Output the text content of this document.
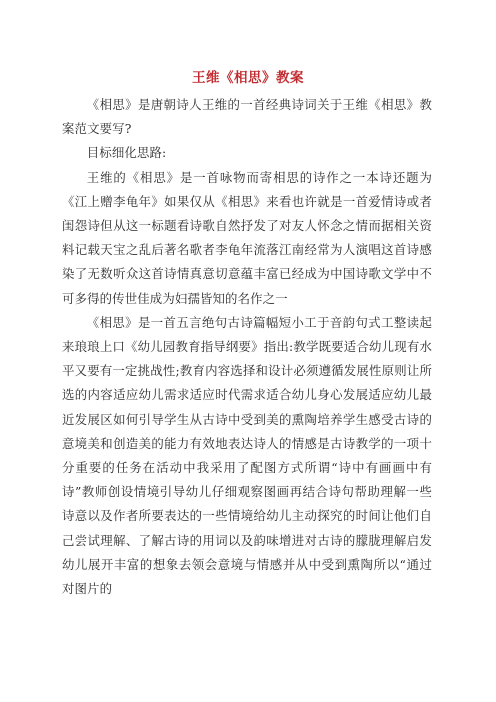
王维《相思》教案

《相思》是唐朝诗人王维的一首经典诗词关于王维《相思》教案范文要写?

目标细化思路:

王维的《相思》是一首咏物而寄相思的诗作之一本诗还题为《江上赠李龟年》如果仅从《相思》来看也许就是一首爱情诗或者闺怨诗但从这一标题看诗歌自然抒发了对友人怀念之情而据相关资料记载天宝之乱后著名歌者李龟年流落江南经常为人演唱这首诗感染了无数听众这首诗情真意切意蕴丰富已经成为中国诗歌文学中不可多得的传世佳成为妇孺皆知的名作之一

《相思》是一首五言绝句古诗篇幅短小工于音韵句式工整读起来琅琅上口《幼儿园教育指导纲要》指出:教学既要适合幼儿现有水平又要有一定挑战性;教育内容选择和设计必须遵循发展性原则让所选的内容适应幼儿需求适应时代需求适合幼儿身心发展适应幼儿最近发展区如何引导学生从古诗中受到美的熏陶培养学生感受古诗的意境美和创造美的能力有效地表达诗人的情感是古诗教学的一项十分重要的任务在活动中我采用了配图方式所谓“诗中有画画中有诗”教师创设情境引导幼儿仔细观察图画再结合诗句帮助理解一些诗意以及作者所要表达的一些情境给幼儿主动探究的时间让他们自己尝试理解、了解古诗的用词以及韵味增进对古诗的朦胧理解启发幼儿展开丰富的想象去领会意境与情感并从中受到熏陶所以“通过对图片的
